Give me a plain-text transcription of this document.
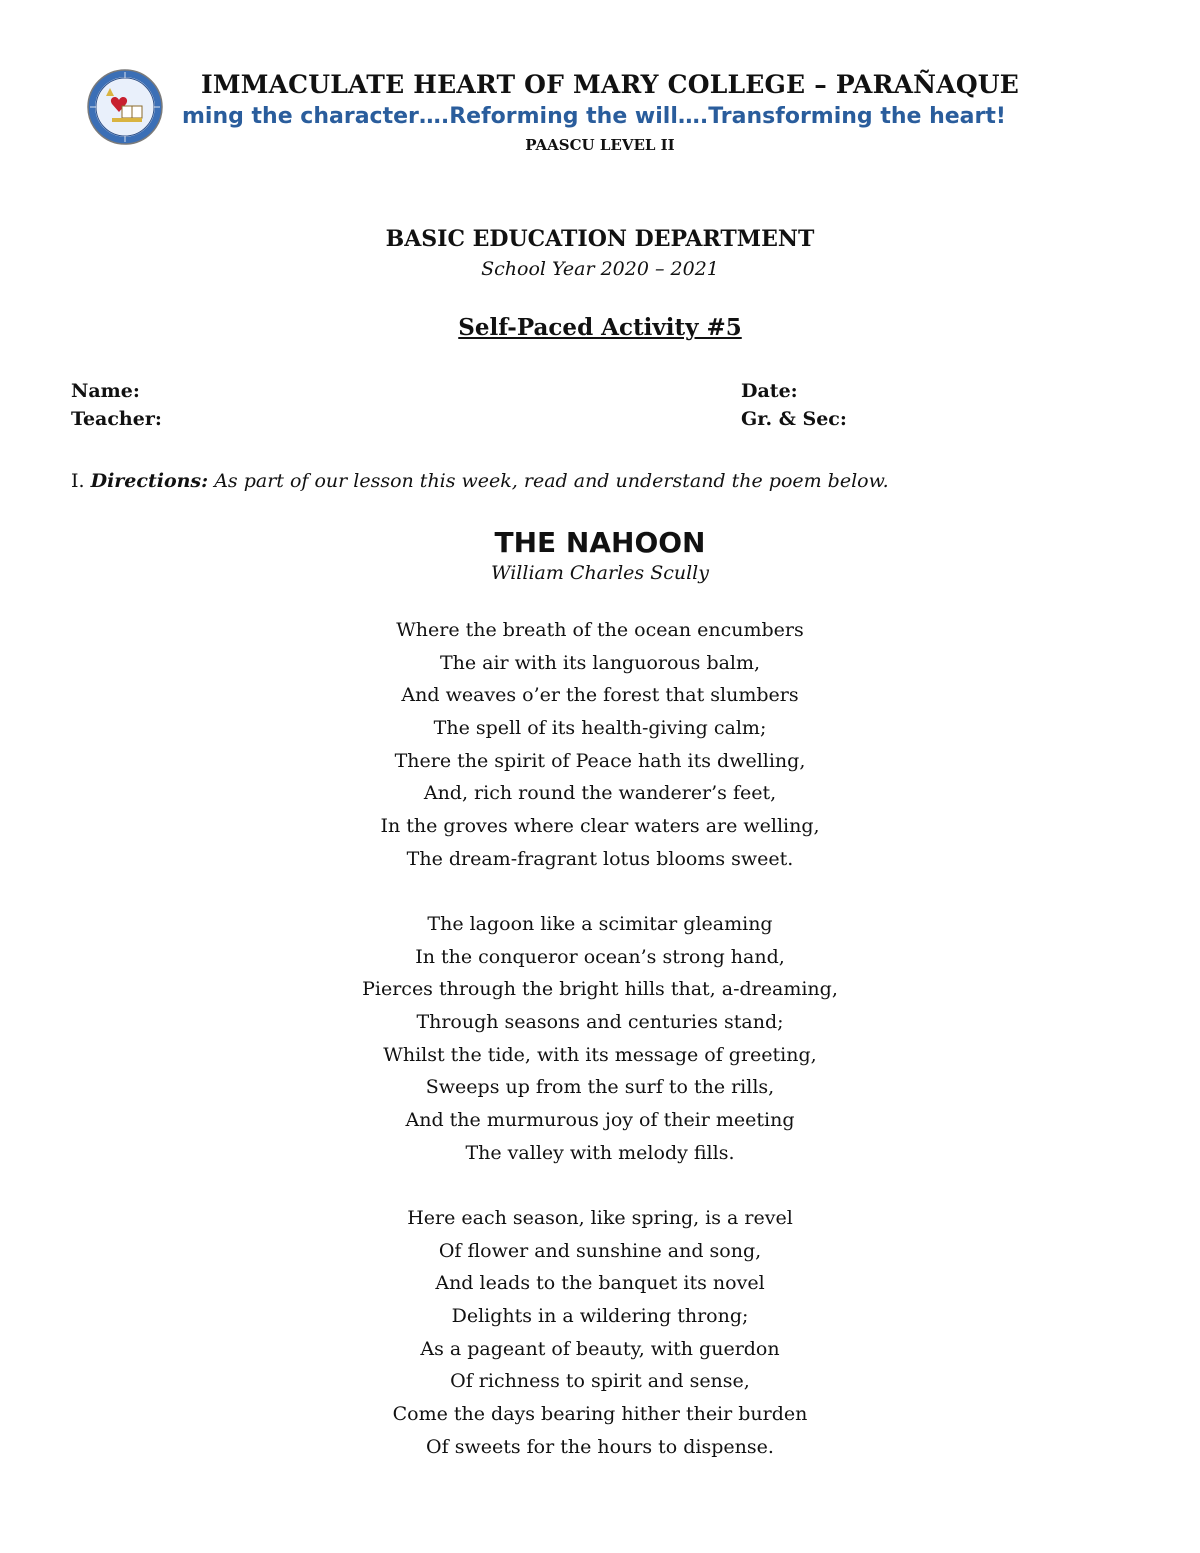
IMMACULATE HEART OF MARY COLLEGE – PARAÑAQUE
ming the character….Reforming the will….Transforming the heart!
PAASCU LEVEL II
BASIC EDUCATION DEPARTMENT
School Year 2020 – 2021
Self-Paced Activity #5
Name:
Teacher:
Date:
Gr. & Sec:
I. Directions: As part of our lesson this week, read and understand the poem below.
THE NAHOON
William Charles Scully
Where the breath of the ocean encumbers
The air with its languorous balm,
And weaves o’er the forest that slumbers
The spell of its health-giving calm;
There the spirit of Peace hath its dwelling,
And, rich round the wanderer’s feet,
In the groves where clear waters are welling,
The dream-fragrant lotus blooms sweet.
The lagoon like a scimitar gleaming
In the conqueror ocean’s strong hand,
Pierces through the bright hills that, a-dreaming,
Through seasons and centuries stand;
Whilst the tide, with its message of greeting,
Sweeps up from the surf to the rills,
And the murmurous joy of their meeting
The valley with melody fills.
Here each season, like spring, is a revel
Of flower and sunshine and song,
And leads to the banquet its novel
Delights in a wildering throng;
As a pageant of beauty, with guerdon
Of richness to spirit and sense,
Come the days bearing hither their burden
Of sweets for the hours to dispense.
